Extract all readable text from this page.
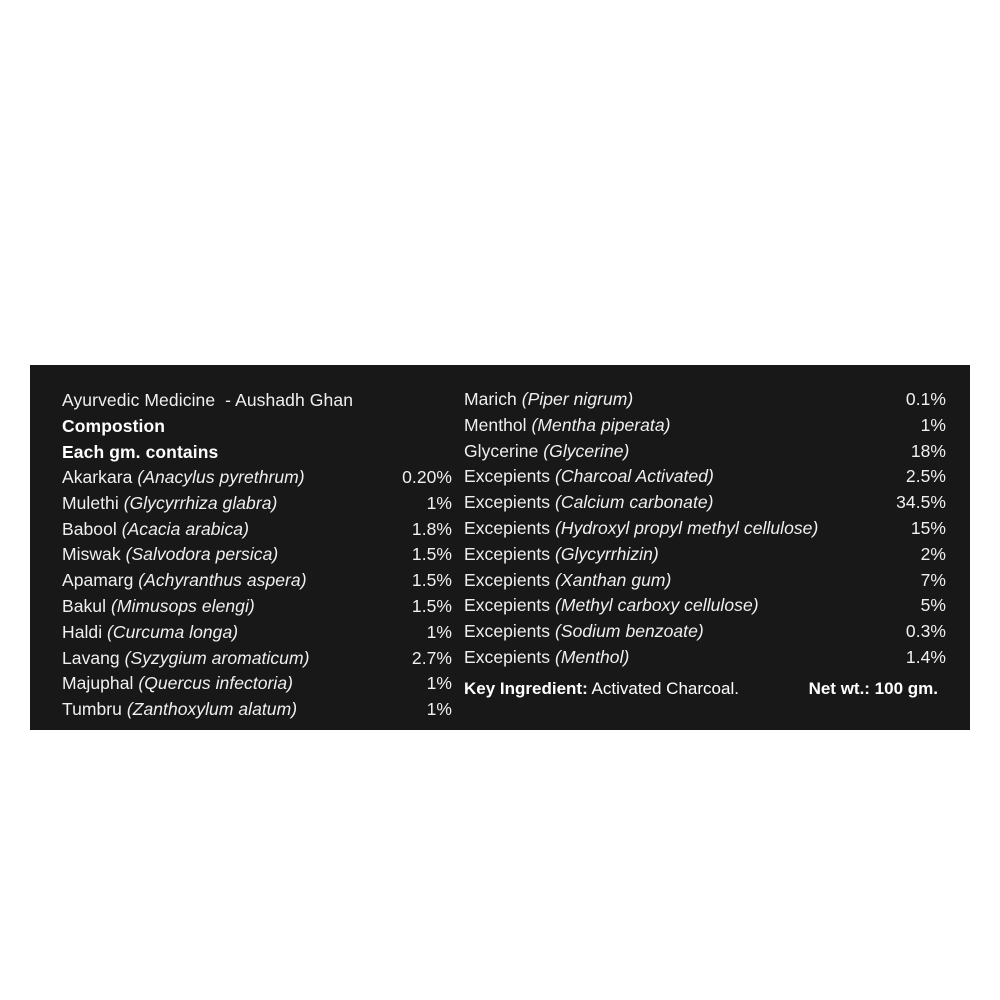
Ayurvedic Medicine  - Aushadh Ghan
Compostion
Each gm. contains
Akarkara (Anacylus pyrethrum)	0.20%
Mulethi (Glycyrrhiza glabra)	1%
Babool (Acacia arabica)	1.8%
Miswak (Salvodora persica)	1.5%
Apamarg (Achyranthus aspera)	1.5%
Bakul (Mimusops elengi)	1.5%
Haldi (Curcuma longa)	1%
Lavang (Syzygium aromaticum)	2.7%
Majuphal (Quercus infectoria)	1%
Tumbru (Zanthoxylum alatum)	1%
Marich (Piper nigrum)	0.1%
Menthol (Mentha piperata)	1%
Glycerine (Glycerine)	18%
Excepients (Charcoal Activated)	2.5%
Excepients (Calcium carbonate)	34.5%
Excepients (Hydroxyl propyl methyl cellulose)	15%
Excepients (Glycyrrhizin)	2%
Excepients (Xanthan gum)	7%
Excepients (Methyl carboxy cellulose)	5%
Excepients (Sodium benzoate)	0.3%
Excepients (Menthol)	1.4%
Key Ingredient: Activated Charcoal.	Net wt.: 100 gm.
